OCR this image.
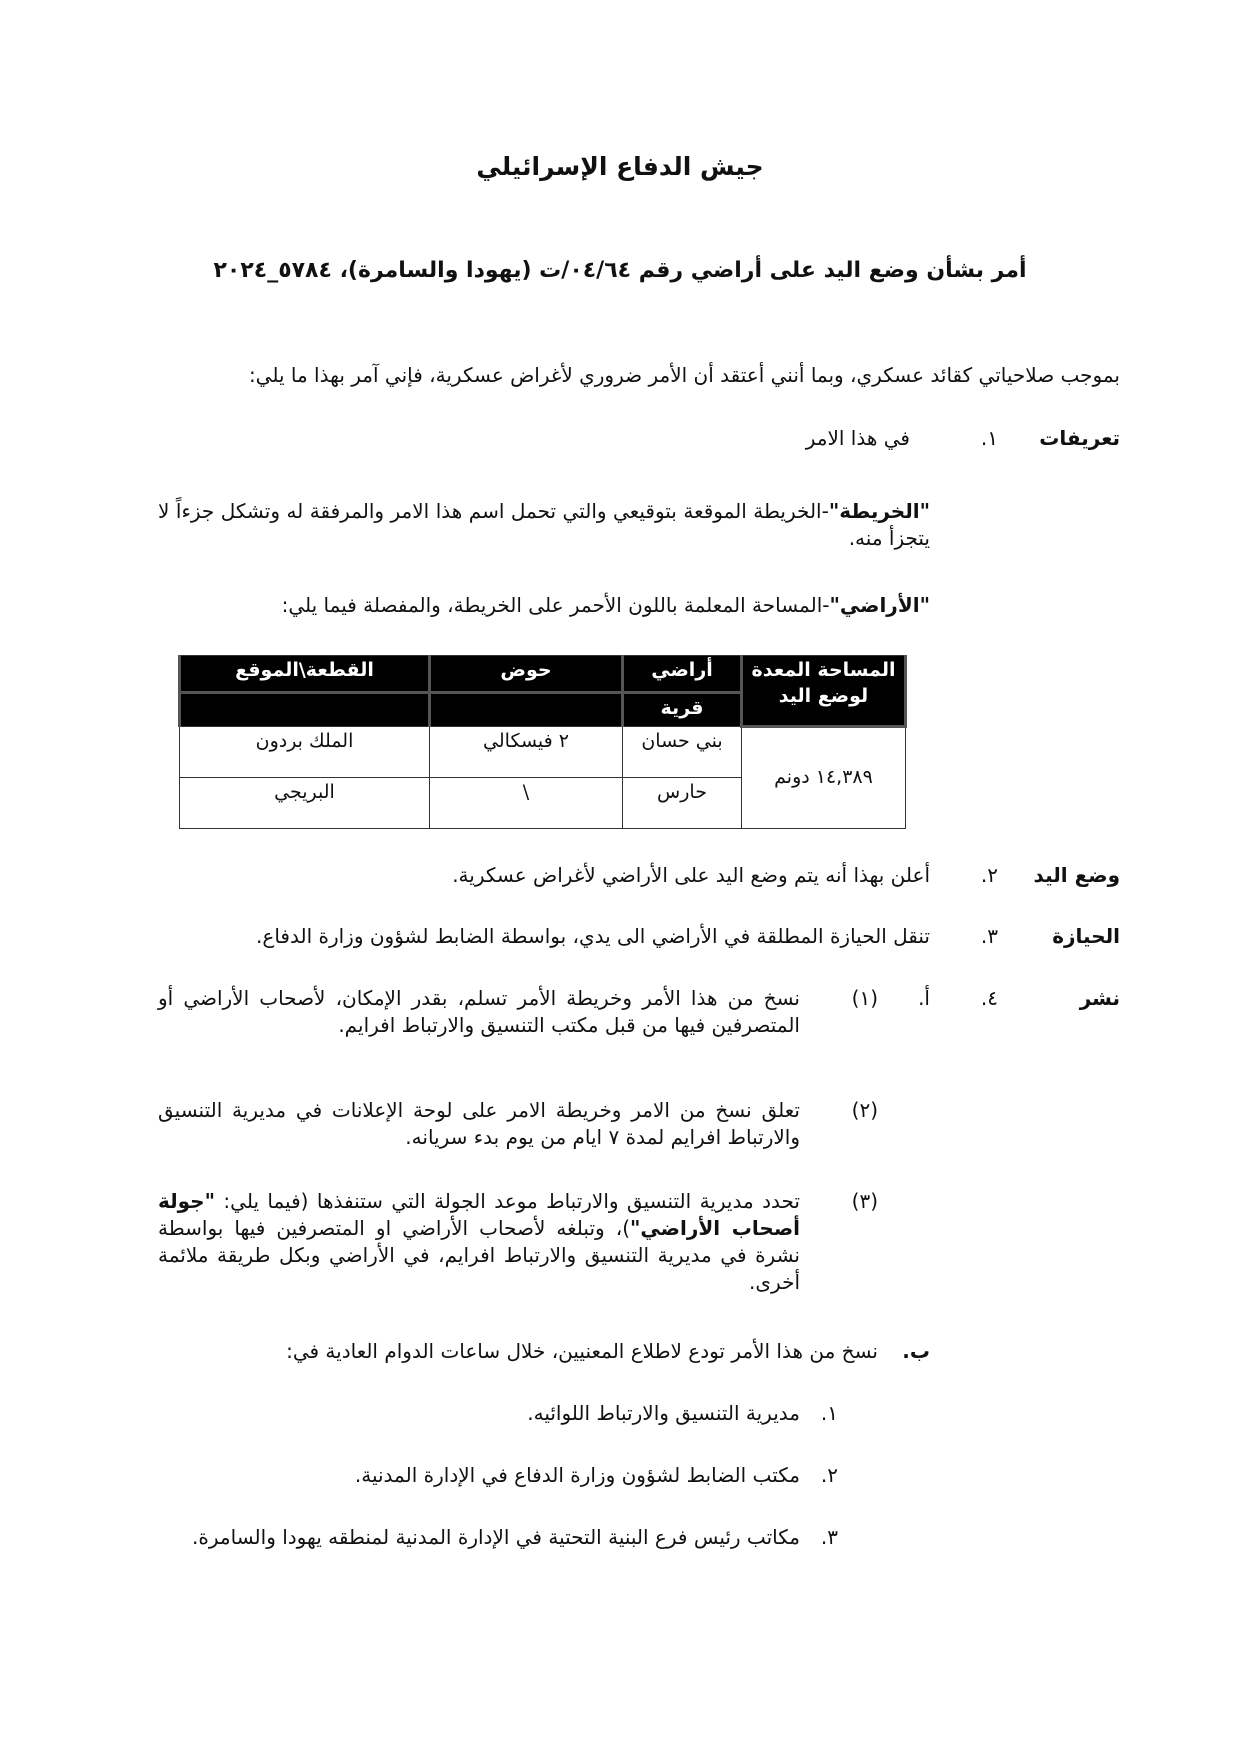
جيش الدفاع الإسرائيلي
أمر بشأن وضع اليد على أراضي رقم ٠٤/٦٤/ت (يهودا والسامرة)، ٥٧٨٤_٢٠٢٤
بموجب صلاحياتي كقائد عسكري، وبما أنني أعتقد أن الأمر ضروري لأغراض عسكرية، فإني آمر بهذا ما يلي:
تعريفات
١.
في هذا الامر
"الخريطة"-الخريطة الموقعة بتوقيعي والتي تحمل اسم هذا الامر والمرفقة له وتشكل جزءاً لا يتجزأ منه.
"الأراضي"-المساحة المعلمة باللون الأحمر على الخريطة، والمفصلة فيما يلي:
المساحة المعدة لوضع اليد	أراضي	حوض	القطعة\الموقع
	قرية		
١٤,٣٨٩ دونم	بني حسان	٢ فيسكالي	الملك بردون
	حارس	\	البريجي
وضع اليد
٢.
أعلن بهذا أنه يتم وضع اليد على الأراضي لأغراض عسكرية.
الحيازة
٣.
تنقل الحيازة المطلقة في الأراضي الى يدي، بواسطة الضابط لشؤون وزارة الدفاع.
نشر
٤.
أ.
(١)
نسخ من هذا الأمر وخريطة الأمر تسلم، بقدر الإمكان، لأصحاب الأراضي أو المتصرفين فيها من قبل مكتب التنسيق والارتباط افرايم.
(٢)
تعلق نسخ من الامر وخريطة الامر على لوحة الإعلانات في مديرية التنسيق والارتباط افرايم لمدة ٧ ايام من يوم بدء سريانه.
(٣)
تحدد مديرية التنسيق والارتباط موعد الجولة التي ستنفذها (فيما يلي: "جولة أصحاب الأراضي")، وتبلغه لأصحاب الأراضي او المتصرفين فيها بواسطة نشرة في مديرية التنسيق والارتباط افرايم، في الأراضي وبكل طريقة ملائمة أخرى.
ب.
نسخ من هذا الأمر تودع لاطلاع المعنيين، خلال ساعات الدوام العادية في:
١.
مديرية التنسيق والارتباط اللوائيه.
٢.
مكتب الضابط لشؤون وزارة الدفاع في الإدارة المدنية.
٣.
مكاتب رئيس فرع البنية التحتية في الإدارة المدنية لمنطقه يهودا والسامرة.
